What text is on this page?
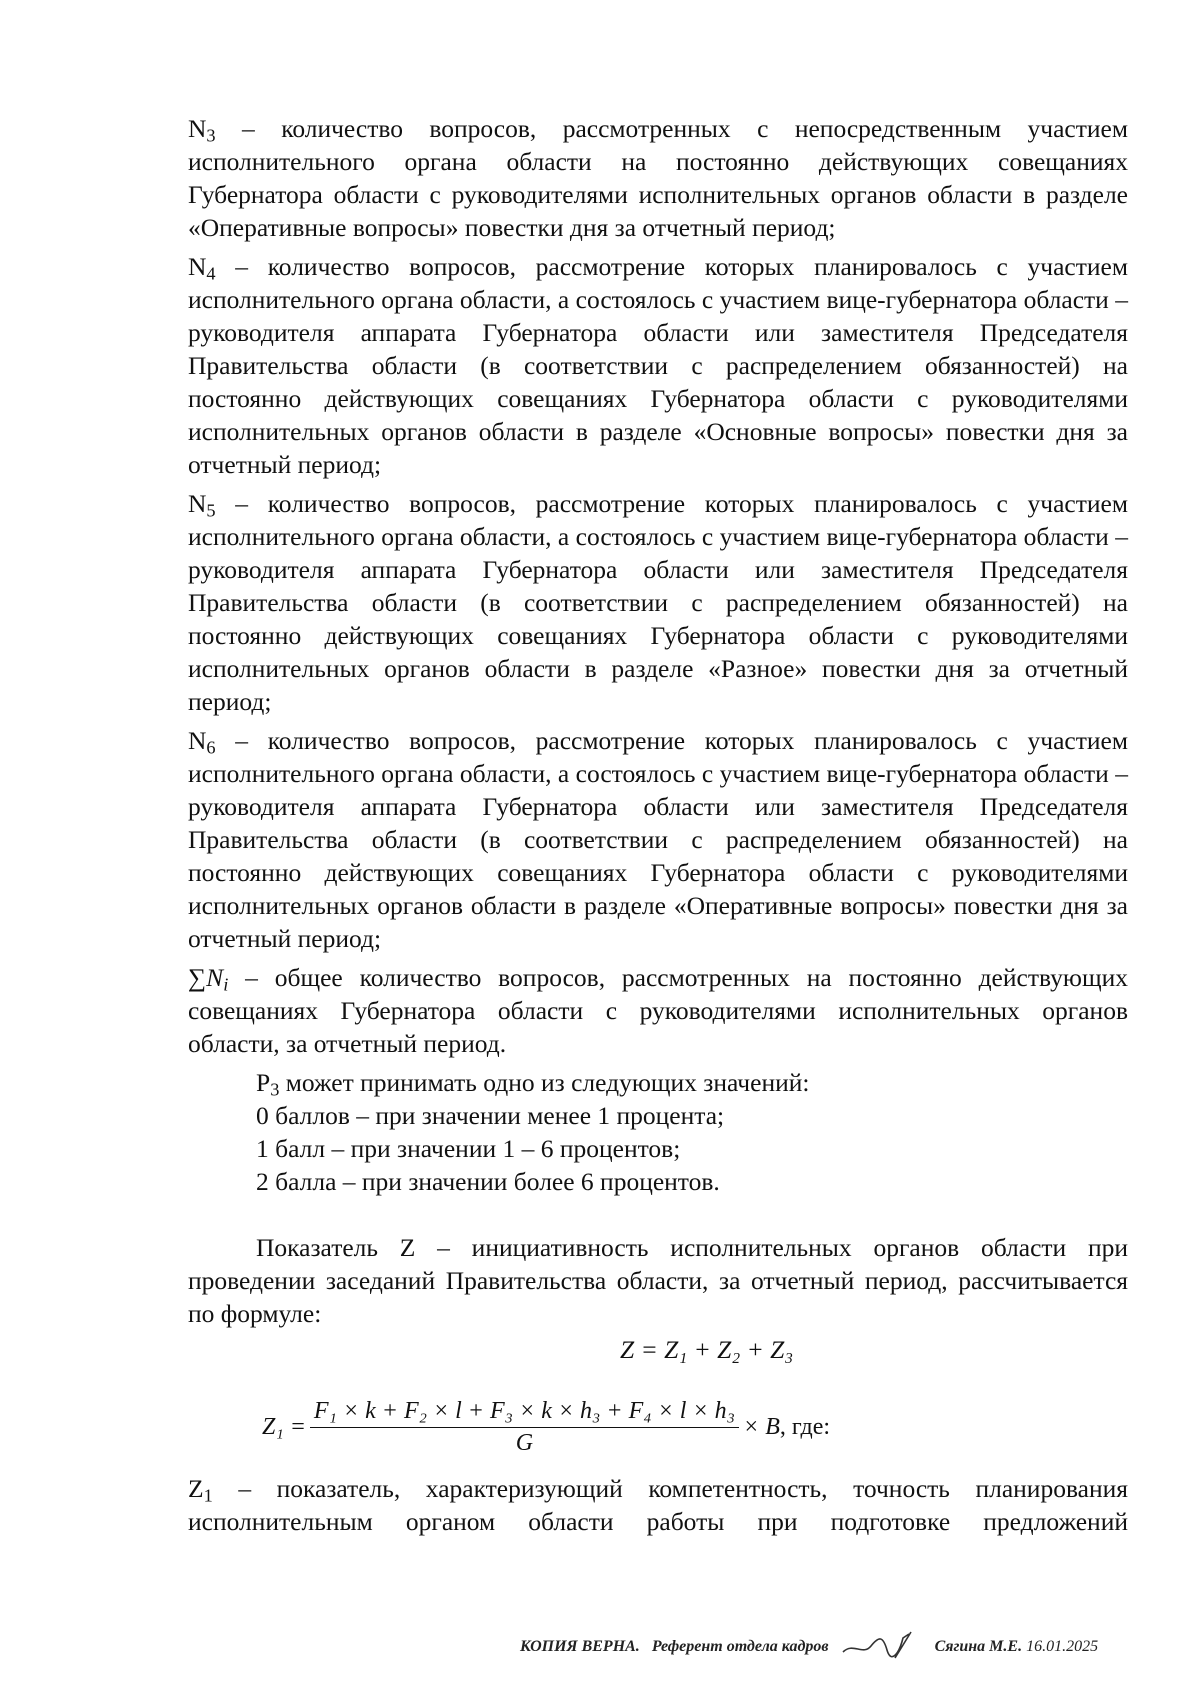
$N_3$ – количество вопросов, рассмотренных с непосредственным участием исполнительного органа области на постоянно действующих совещаниях Губернатора области с руководителями исполнительных органов области в разделе «Оперативные вопросы» повестки дня за отчетный период;

$N_4$ – количество вопросов, рассмотрение которых планировалось с участием исполнительного органа области, а состоялось с участием вице-губернатора области – руководителя аппарата Губернатора области или заместителя Председателя Правительства области (в соответствии с распределением обязанностей) на постоянно действующих совещаниях Губернатора области с руководителями исполнительных органов области в разделе «Основные вопросы» повестки дня за отчетный период;

$N_5$ – количество вопросов, рассмотрение которых планировалось с участием исполнительного органа области, а состоялось с участием вице-губернатора области – руководителя аппарата Губернатора области или заместителя Председателя Правительства области (в соответствии с распределением обязанностей) на постоянно действующих совещаниях Губернатора области с руководителями исполнительных органов области в разделе «Разное» повестки дня за отчетный период;

$N_6$ – количество вопросов, рассмотрение которых планировалось с участием исполнительного органа области, а состоялось с участием вице-губернатора области – руководителя аппарата Губернатора области или заместителя Председателя Правительства области (в соответствии с распределением обязанностей) на постоянно действующих совещаниях Губернатора области с руководителями исполнительных органов области в разделе «Оперативные вопросы» повестки дня за отчетный период;

$\sum N_i$ – общее количество вопросов, рассмотренных на постоянно действующих совещаниях Губернатора области с руководителями исполнительных органов области, за отчетный период.

$P_3$ может принимать одно из следующих значений:

0 баллов – при значении менее 1 процента;

1 балл – при значении 1 – 6 процентов;

2 балла – при значении более 6 процентов.

Показатель Z – инициативность исполнительных органов области при проведении заседаний Правительства области, за отчетный период, рассчитывается по формуле:

Z = Z₁ + Z₂ + Z₃
$Z_1 = \frac{\text{F₁ × k + F₂ × l + F₃ × k × h₃ + F₄ × l × h₃}}{G} \times B$, где:

$Z_1$ – показатель, характеризующий компетентность, точность планирования исполнительным органом области работы при подготовке предложений

КОПИЯ ВЕРНА. Референт отдела кадров	Сягина М.Е. 16.01.2025
